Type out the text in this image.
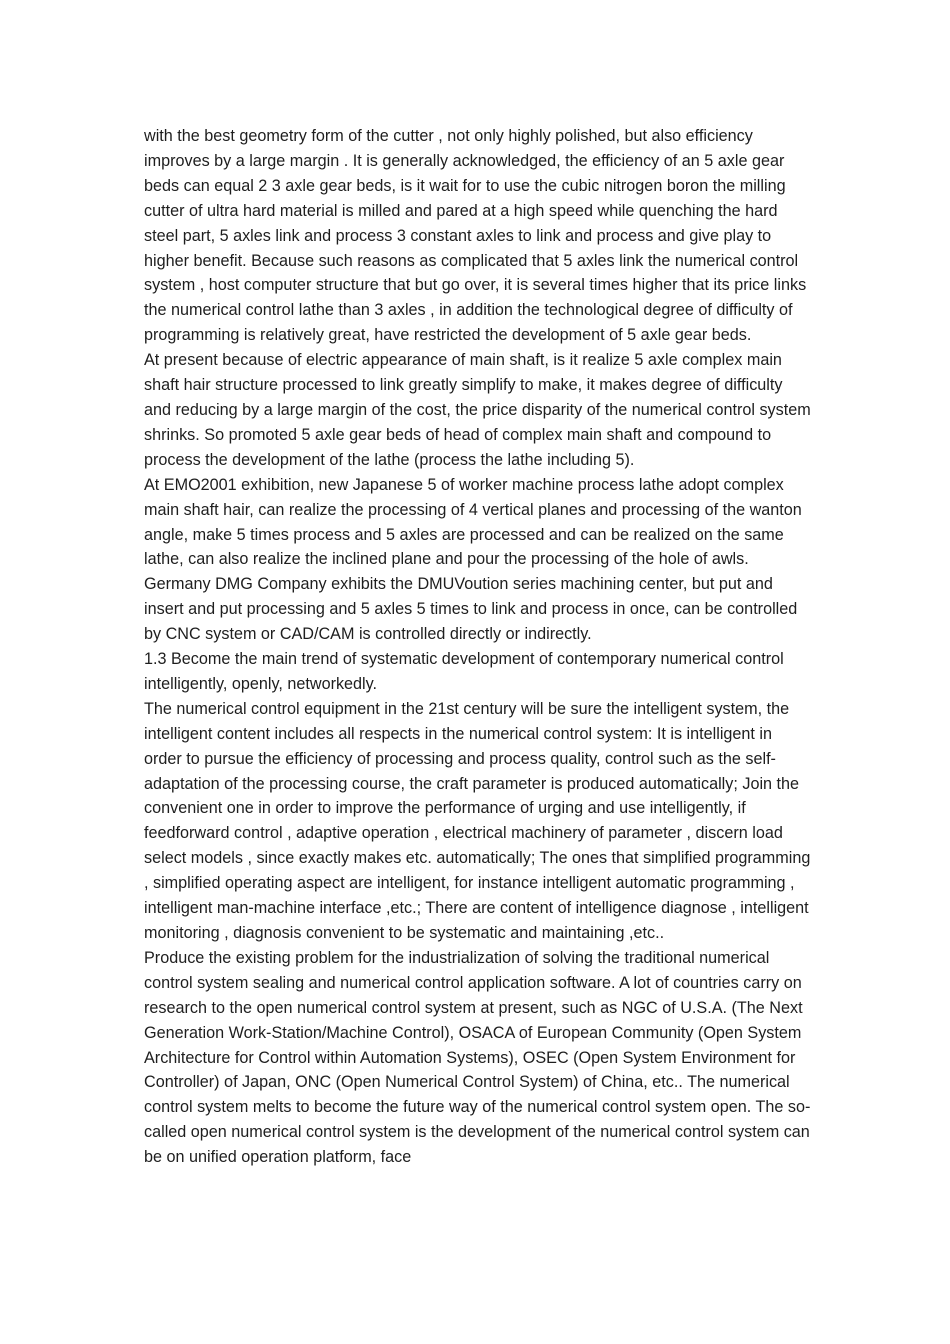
with the best geometry form of the cutter , not only highly polished, but also efficiency improves by a large margin . It is generally acknowledged, the efficiency of an 5 axle gear beds can equal 2 3 axle gear beds, is it wait for to use the cubic nitrogen boron the milling cutter of ultra hard material is milled and pared at a high speed while quenching the hard steel part, 5 axles link and process 3 constant axles to link and process and give play to higher benefit. Because such reasons as complicated that 5 axles link the numerical control system , host computer structure that but go over, it is several times higher that its price links the numerical control lathe than 3 axles , in addition the technological degree of difficulty of programming is relatively great, have restricted the development of 5 axle gear beds.

At present because of electric appearance of main shaft, is it realize 5 axle complex main shaft hair structure processed to link greatly simplify to make, it makes degree of difficulty and reducing by a large margin of the cost, the price disparity of the numerical control system shrinks. So promoted 5 axle gear beds of head of complex main shaft and compound to process the development of the lathe (process the lathe including 5).

At EMO2001 exhibition, new Japanese 5 of worker machine process lathe adopt complex main shaft hair, can realize the processing of 4 vertical planes and processing of the wanton angle, make 5 times process and 5 axles are processed and can be realized on the same lathe, can also realize the inclined plane and pour the processing of the hole of awls. Germany DMG Company exhibits the DMUVoution series machining center, but put and insert and put processing and 5 axles 5 times to link and process in once, can be controlled by CNC system or CAD/CAM is controlled directly or indirectly.

1.3 Become the main trend of systematic development of contemporary numerical control intelligently, openly, networkedly.

The numerical control equipment in the 21st century will be sure the intelligent system, the intelligent content includes all respects in the numerical control system: It is intelligent in order to pursue the efficiency of processing and process quality, control such as the self-adaptation of the processing course, the craft parameter is produced automatically; Join the convenient one in order to improve the performance of urging and use intelligently, if feedforward control , adaptive operation , electrical machinery of parameter , discern load select models , since exactly makes etc. automatically; The ones that simplified programming , simplified operating aspect are intelligent, for instance intelligent automatic programming , intelligent man-machine interface ,etc.; There are content of intelligence diagnose , intelligent monitoring , diagnosis convenient to be systematic and maintaining ,etc..

Produce the existing problem for the industrialization of solving the traditional numerical control system sealing and numerical control application software. A lot of countries carry on research to the open numerical control system at present, such as NGC of U.S.A. (The Next Generation Work-Station/Machine Control), OSACA of European Community (Open System Architecture for Control within Automation Systems), OSEC (Open System Environment for Controller) of Japan, ONC (Open Numerical Control System) of China, etc.. The numerical control system melts to become the future way of the numerical control system open. The so-called open numerical control system is the development of the numerical control system can be on unified operation platform, face
